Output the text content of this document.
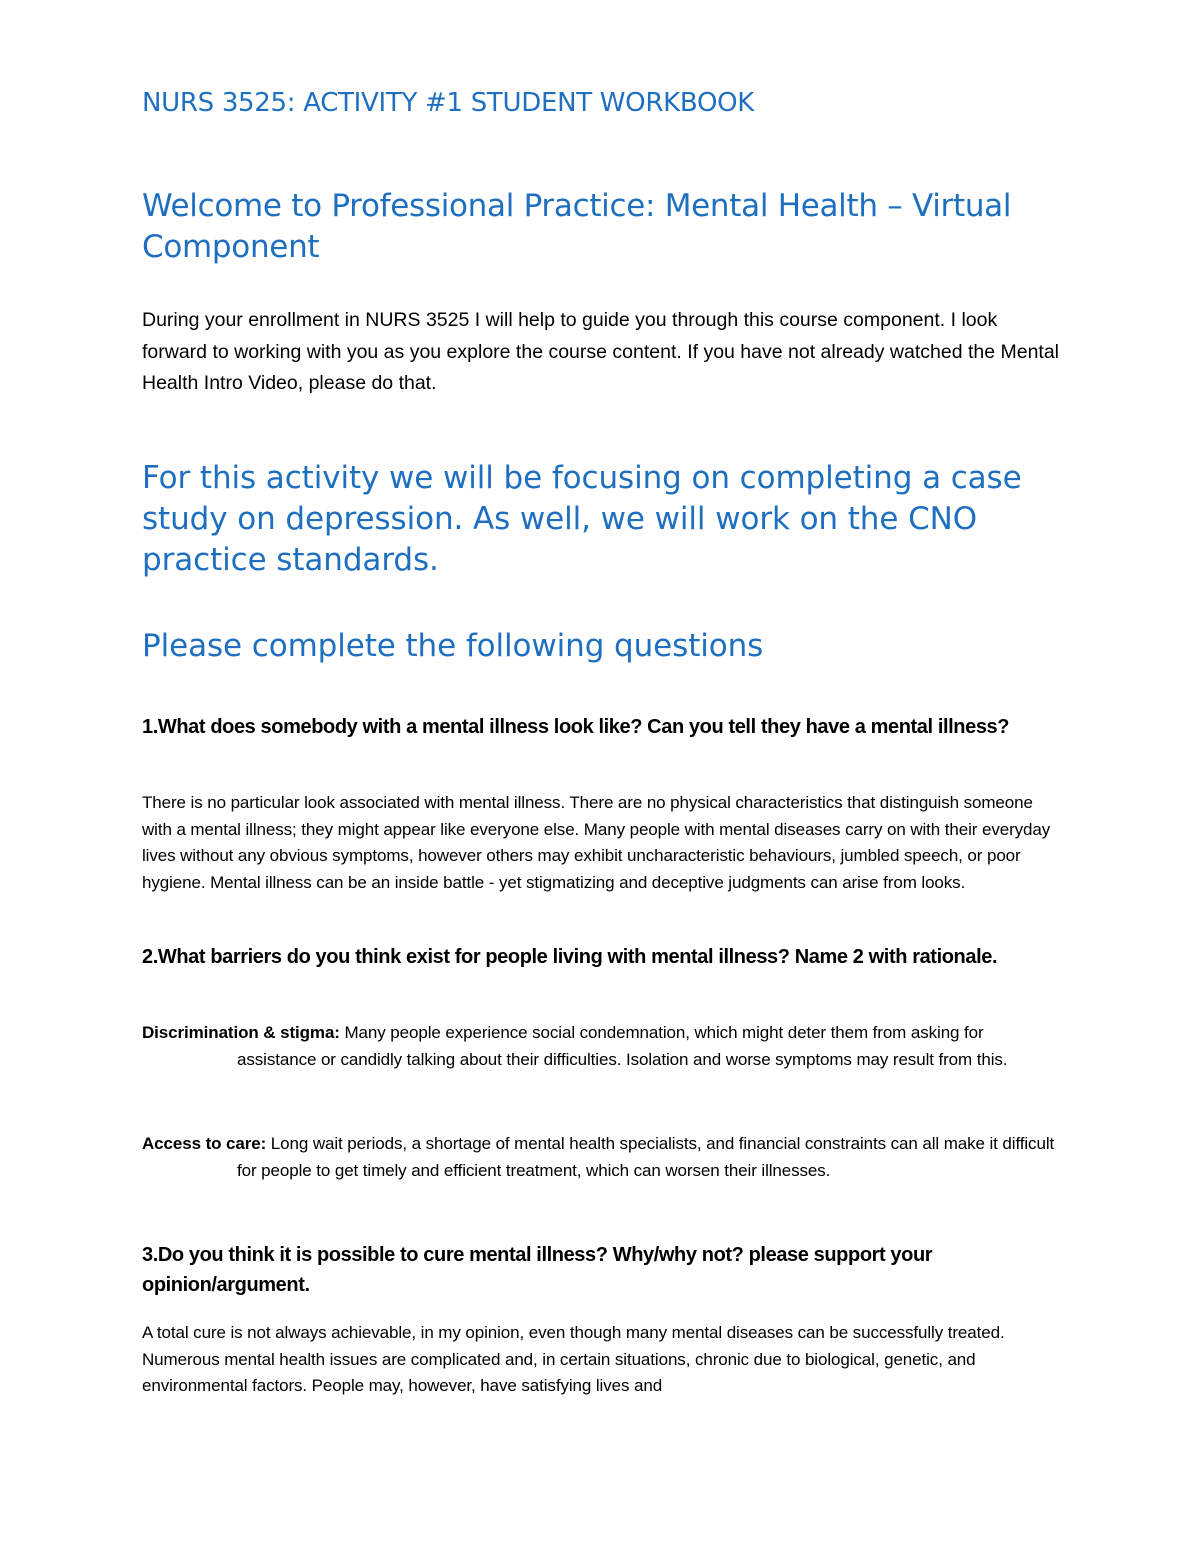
NURS 3525: ACTIVITY #1 STUDENT WORKBOOK
Welcome to Professional Practice: Mental Health – Virtual Component
During your enrollment in NURS 3525 I will help to guide you through this course component. I look forward to working with you as you explore the course content. If you have not already watched the Mental Health Intro Video, please do that.
For this activity we will be focusing on completing a case study on depression. As well, we will work on the CNO practice standards.
Please complete the following questions
1.What does somebody with a mental illness look like? Can you tell they have a mental illness?
There is no particular look associated with mental illness. There are no physical characteristics that distinguish someone with a mental illness; they might appear like everyone else. Many people with mental diseases carry on with their everyday lives without any obvious symptoms, however others may exhibit uncharacteristic behaviours, jumbled speech, or poor hygiene. Mental illness can be an inside battle - yet stigmatizing and deceptive judgments can arise from looks.
2.What barriers do you think exist for people living with mental illness? Name 2 with rationale.
Discrimination & stigma: Many people experience social condemnation, which might deter them from asking for assistance or candidly talking about their difficulties. Isolation and worse symptoms may result from this.
Access to care: Long wait periods, a shortage of mental health specialists, and financial constraints can all make it difficult for people to get timely and efficient treatment, which can worsen their illnesses.
3.Do you think it is possible to cure mental illness? Why/why not? please support your opinion/argument.
A total cure is not always achievable, in my opinion, even though many mental diseases can be successfully treated. Numerous mental health issues are complicated and, in certain situations, chronic due to biological, genetic, and environmental factors. People may, however, have satisfying lives and
